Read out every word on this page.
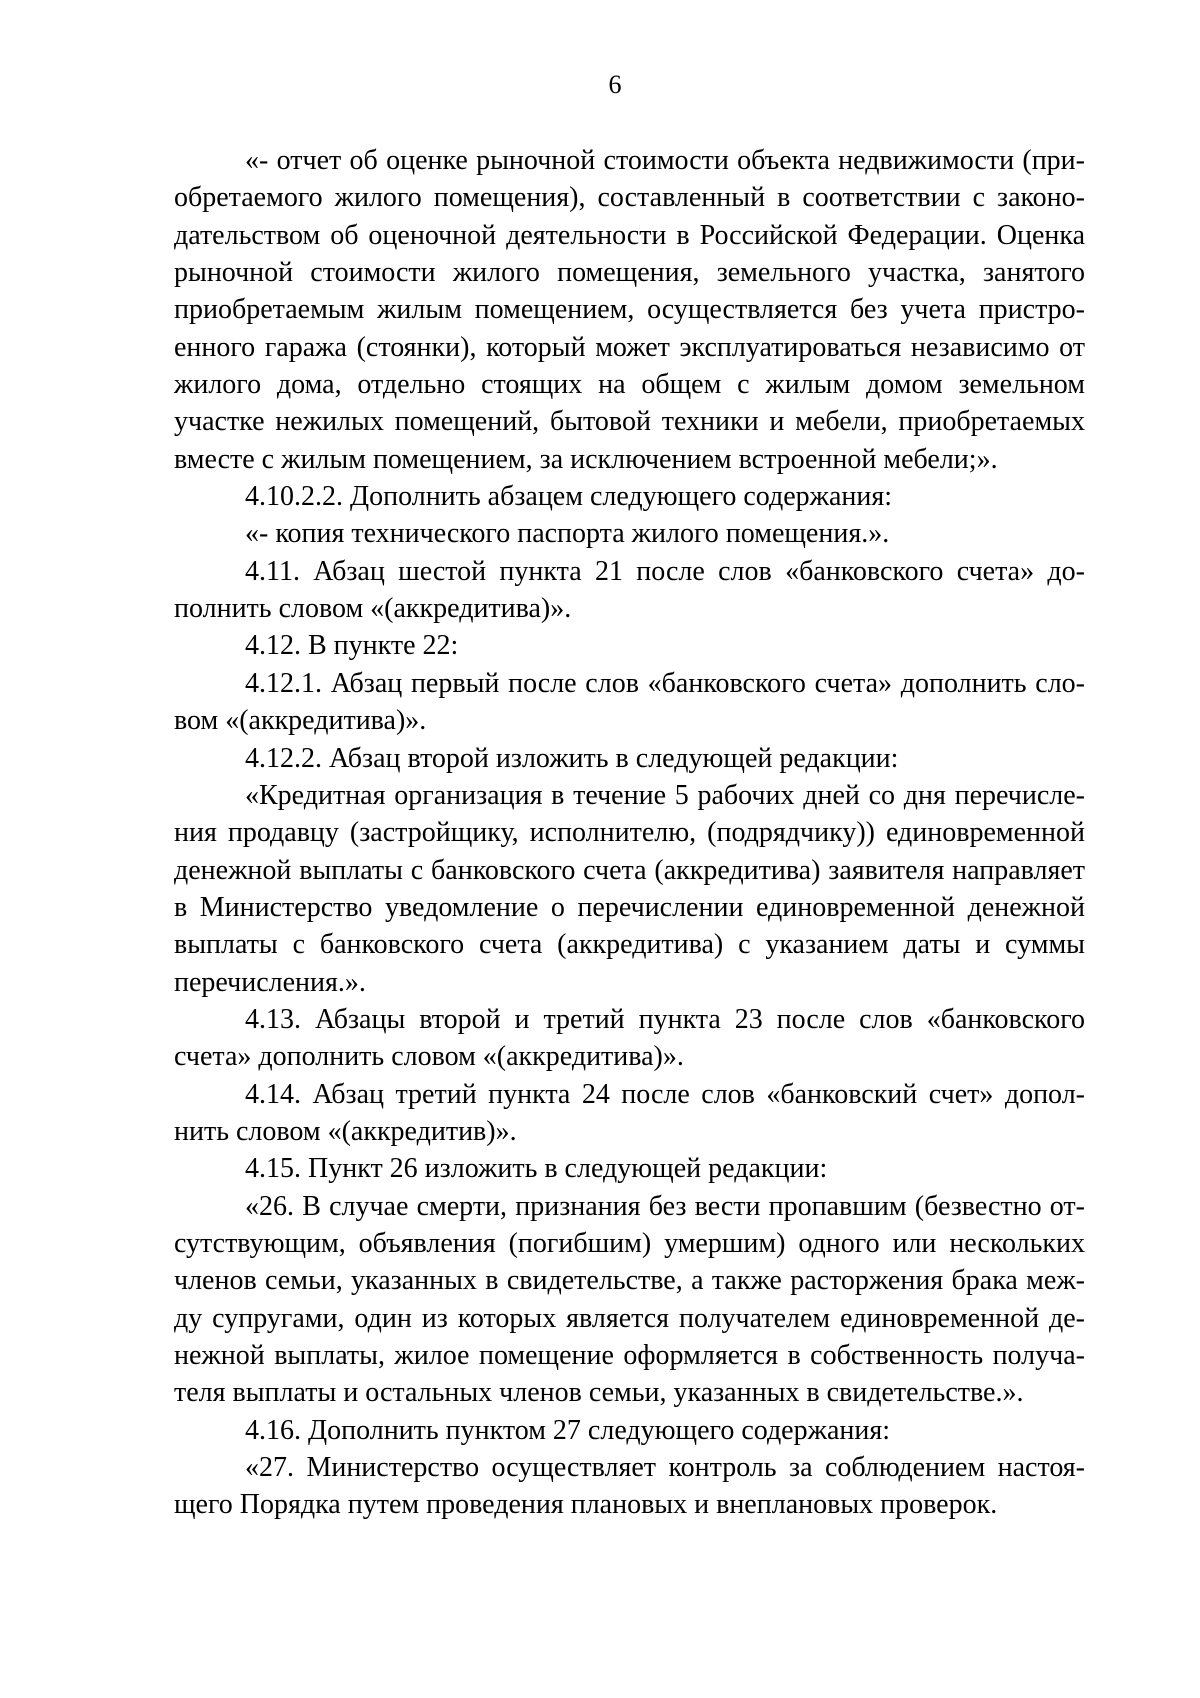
6

«- отчет об оценке рыночной стоимости объекта недвижимости (приобретаемого жилого помещения), составленный в соответствии с законодательством об оценочной деятельности в Российской Федерации. Оценка рыночной стоимости жилого помещения, земельного участка, занятого приобретаемым жилым помещением, осуществляется без учета пристроенного гаража (стоянки), который может эксплуатироваться независимо от жилого дома, отдельно стоящих на общем с жилым домом земельном участке нежилых помещений, бытовой техники и мебели, приобретаемых вместе с жилым помещением, за исключением встроенной мебели;».

4.10.2.2. Дополнить абзацем следующего содержания:

«- копия технического паспорта жилого помещения.».

4.11. Абзац шестой пункта 21 после слов «банковского счета» дополнить словом «(аккредитива)».

4.12. В пункте 22:

4.12.1. Абзац первый после слов «банковского счета» дополнить словом «(аккредитива)».

4.12.2. Абзац второй изложить в следующей редакции:

«Кредитная организация в течение 5 рабочих дней со дня перечисления продавцу (застройщику, исполнителю, (подрядчику)) единовременной денежной выплаты с банковского счета (аккредитива) заявителя направляет в Министерство уведомление о перечислении единовременной денежной выплаты с банковского счета (аккредитива) с указанием даты и суммы перечисления.».

4.13. Абзацы второй и третий пункта 23 после слов «банковского счета» дополнить словом «(аккредитива)».

4.14. Абзац третий пункта 24 после слов «банковский счет» дополнить словом «(аккредитив)».

4.15. Пункт 26 изложить в следующей редакции:

«26. В случае смерти, признания без вести пропавшим (безвестно отсутствующим, объявления (погибшим) умершим) одного или нескольких членов семьи, указанных в свидетельстве, а также расторжения брака между супругами, один из которых является получателем единовременной денежной выплаты, жилое помещение оформляется в собственность получателя выплаты и остальных членов семьи, указанных в свидетельстве.».

4.16. Дополнить пунктом 27 следующего содержания:

«27. Министерство осуществляет контроль за соблюдением настоящего Порядка путем проведения плановых и внеплановых проверок.
